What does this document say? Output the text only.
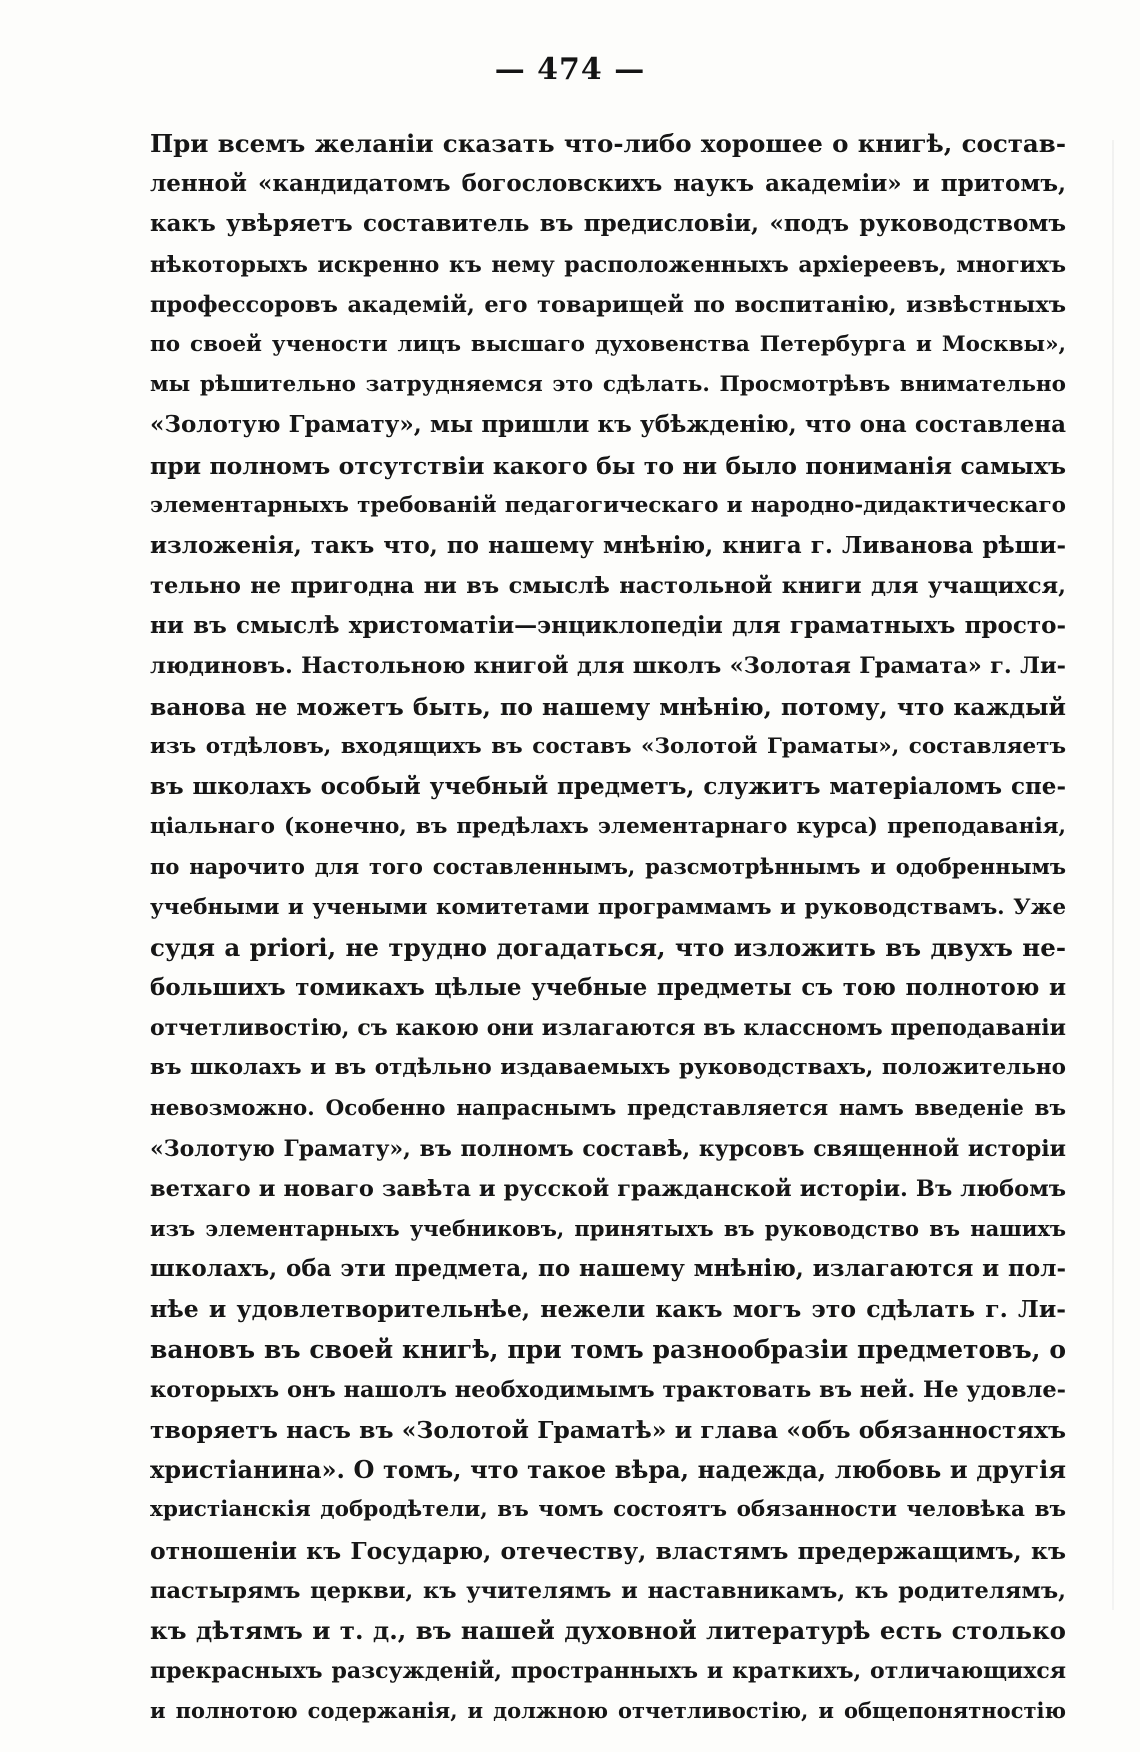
— 474 —
При всемъ желаніи сказать что-либо хорошее о книгѣ, состав-
ленной «кандидатомъ богословскихъ наукъ академіи» и притомъ,
какъ увѣряетъ составитель въ предисловіи, «подъ руководствомъ
нѣкоторыхъ искренно къ нему расположенныхъ архіереевъ, многихъ
профессоровъ академій, его товарищей по воспитанію, извѣстныхъ
по своей учености лицъ высшаго духовенства Петербурга и Москвы»,
мы рѣшительно затрудняемся это сдѣлать. Просмотрѣвъ внимательно
«Золотую Грамату», мы пришли къ убѣжденію, что она составлена
при полномъ отсутствіи какого бы то ни было пониманія самыхъ
элементарныхъ требованій педагогическаго и народно-дидактическаго
изложенія, такъ что, по нашему мнѣнію, книга г. Ливанова рѣши-
тельно не пригодна ни въ смыслѣ настольной книги для учащихся,
ни въ смыслѣ христоматіи—энциклопедіи для граматныхъ просто-
людиновъ. Настольною книгой для школъ «Золотая Граматa» г. Ли-
ванова не можетъ быть, по нашему мнѣнію, потому, что каждый
изъ отдѣловъ, входящихъ въ составъ «Золотой Граматы», составляетъ
въ школахъ особый учебный предметъ, служитъ матеріаломъ спе-
ціальнаго (конечно, въ предѣлахъ элементарнаго курса) преподаванія,
по нарочито для того составленнымъ, разсмотрѣннымъ и одобреннымъ
учебными и учеными комитетами программамъ и руководствамъ. Уже
судя a priori, не трудно догадаться, что изложить въ двухъ не-
большихъ томикахъ цѣлые учебные предметы съ тою полнотою и
отчетливостію, съ какою они излагаются въ классномъ преподаваніи
въ школахъ и въ отдѣльно издаваемыхъ руководствахъ, положительно
невозможно. Особенно напраснымъ представляется намъ введеніе въ
«Золотую Грамату», въ полномъ составѣ, курсовъ священной исторіи
ветхаго и новаго завѣта и русской гражданской исторіи. Въ любомъ
изъ элементарныхъ учебниковъ, принятыхъ въ руководство въ нашихъ
школахъ, оба эти предмета, по нашему мнѣнію, излагаются и пол-
нѣе и удовлетворительнѣе, нежели какъ могъ это сдѣлать г. Ли-
вановъ въ своей книгѣ, при томъ разнообразіи предметовъ, о
которыхъ онъ нашолъ необходимымъ трактовать въ ней. Не удовле-
творяетъ насъ въ «Золотой Граматѣ» и глава «объ обязанностяхъ
христіанина». О томъ, что такое вѣра, надежда, любовь и другія
христіанскія добродѣтели, въ чомъ состоятъ обязанности человѣка въ
отношеніи къ Государю, отечеству, властямъ предержащимъ, къ
пастырямъ церкви, къ учителямъ и наставникамъ, къ родителямъ,
къ дѣтямъ и т. д., въ нашей духовной литературѣ есть столько
прекрасныхъ разсужденій, пространныхъ и краткихъ, отличающихся
и полнотою содержанія, и должною отчетливостію, и общепонятностію
